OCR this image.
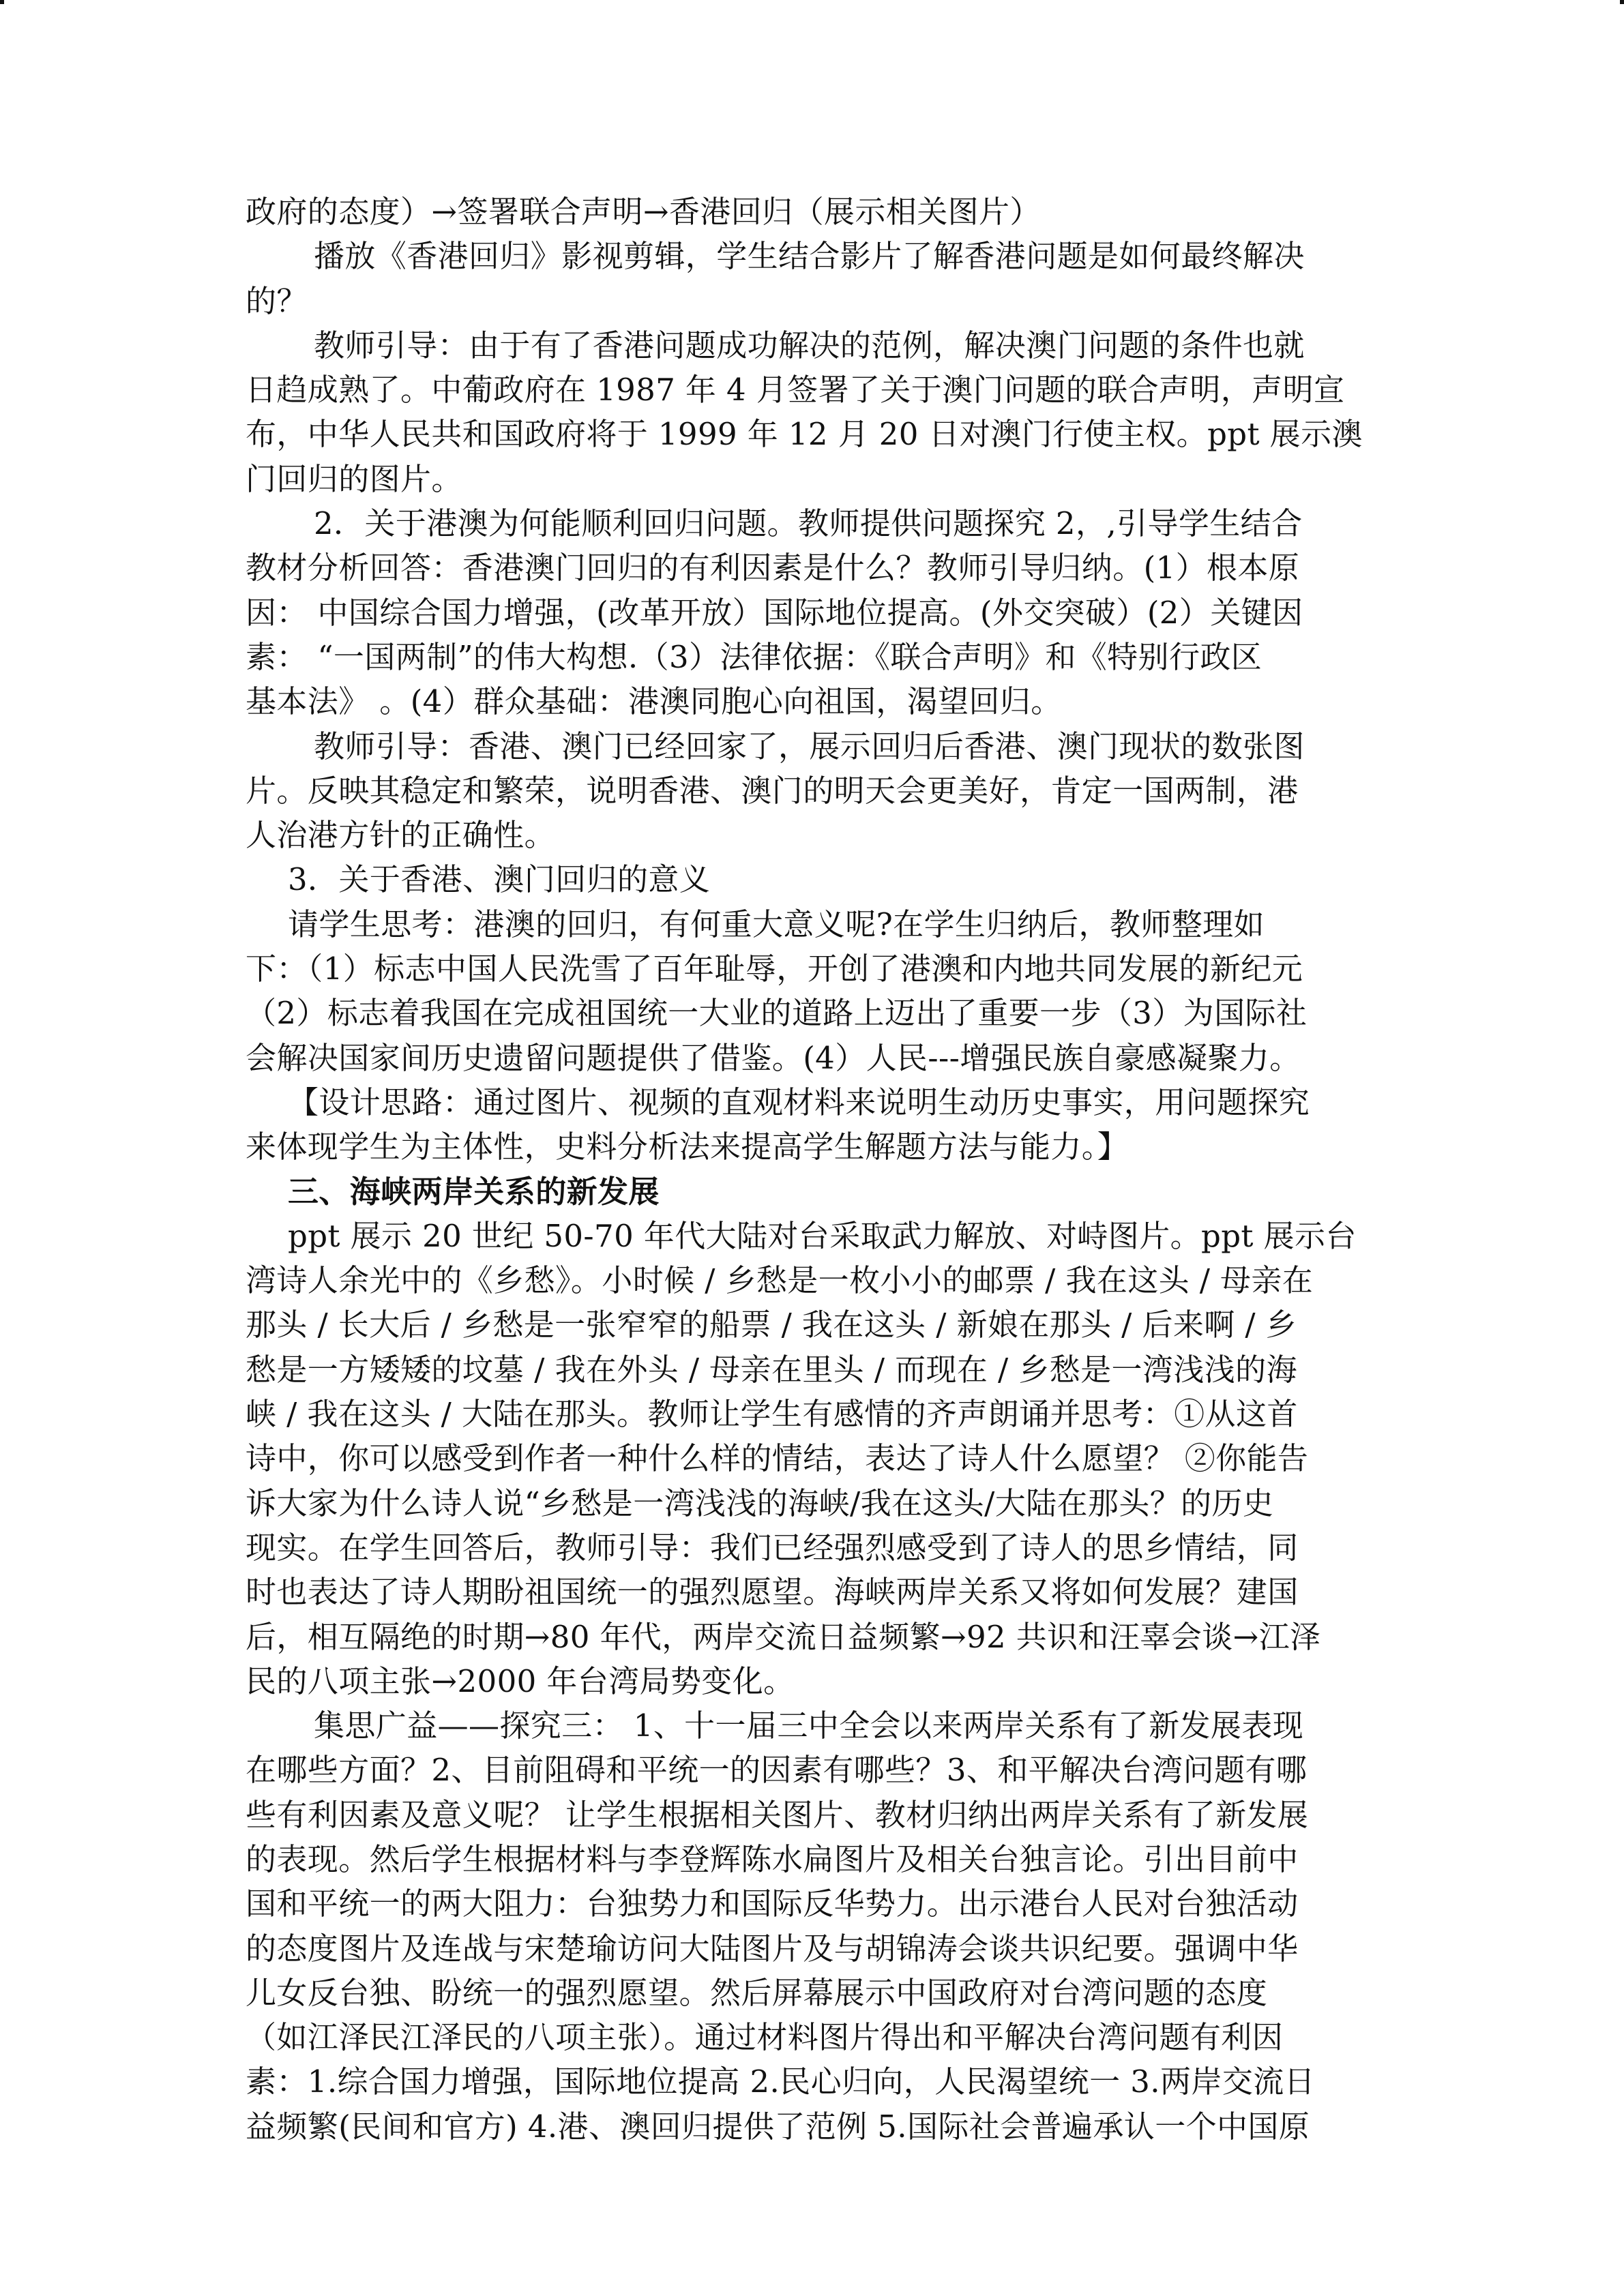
政府的态度）→签署联合声明→香港回归（展示相关图片）
播放《香港回归》影视剪辑，学生结合影片了解香港问题是如何最终解决
的？
教师引导：由于有了香港问题成功解决的范例，解决澳门问题的条件也就
日趋成熟了。中葡政府在 1987 年 4 月签署了关于澳门问题的联合声明，声明宣
布，中华人民共和国政府将于 1999 年 12 月 20 日对澳门行使主权。ppt 展示澳
门回归的图片。
2．关于港澳为何能顺利回归问题。教师提供问题探究 2，,引导学生结合
教材分析回答：香港澳门回归的有利因素是什么？教师引导归纳。(1）根本原
因： 中国综合国力增强，(改革开放）国际地位提高。(外交突破）(2）关键因
素： “一国两制”的伟大构想.（3）法律依据：《联合声明》和《特别行政区
基本法》 。(4）群众基础：港澳同胞心向祖国，渴望回归。
教师引导：香港、澳门已经回家了，展示回归后香港、澳门现状的数张图
片。反映其稳定和繁荣，说明香港、澳门的明天会更美好，肯定一国两制，港
人治港方针的正确性。
3．关于香港、澳门回归的意义
请学生思考：港澳的回归，有何重大意义呢?在学生归纳后，教师整理如
下：（1）标志中国人民洗雪了百年耻辱，开创了港澳和内地共同发展的新纪元
（2）标志着我国在完成祖国统一大业的道路上迈出了重要一步（3）为国际社
会解决国家间历史遗留问题提供了借鉴。(4）人民---增强民族自豪感凝聚力。
【设计思路：通过图片、视频的直观材料来说明生动历史事实，用问题探究
来体现学生为主体性，史料分析法来提高学生解题方法与能力。】
三、海峡两岸关系的新发展
ppt 展示 20 世纪 50-70 年代大陆对台采取武力解放、对峙图片。ppt 展示台
湾诗人余光中的《乡愁》。小时候 / 乡愁是一枚小小的邮票 / 我在这头 / 母亲在
那头 / 长大后 / 乡愁是一张窄窄的船票 / 我在这头 / 新娘在那头 / 后来啊 / 乡
愁是一方矮矮的坟墓 / 我在外头 / 母亲在里头 / 而现在 / 乡愁是一湾浅浅的海
峡 / 我在这头 / 大陆在那头。教师让学生有感情的齐声朗诵并思考：①从这首
诗中，你可以感受到作者一种什么样的情结，表达了诗人什么愿望？ ②你能告
诉大家为什么诗人说“乡愁是一湾浅浅的海峡/我在这头/大陆在那头？的历史
现实。在学生回答后，教师引导：我们已经强烈感受到了诗人的思乡情结，同
时也表达了诗人期盼祖国统一的强烈愿望。海峡两岸关系又将如何发展？建国
后，相互隔绝的时期→80 年代，两岸交流日益频繁→92 共识和汪辜会谈→江泽
民的八项主张→2000 年台湾局势变化。
集思广益——探究三： 1、十一届三中全会以来两岸关系有了新发展表现
在哪些方面？2、目前阻碍和平统一的因素有哪些？3、和平解决台湾问题有哪
些有利因素及意义呢？ 让学生根据相关图片、教材归纳出两岸关系有了新发展
的表现。然后学生根据材料与李登辉陈水扁图片及相关台独言论。引出目前中
国和平统一的两大阻力：台独势力和国际反华势力。出示港台人民对台独活动
的态度图片及连战与宋楚瑜访问大陆图片及与胡锦涛会谈共识纪要。强调中华
儿女反台独、盼统一的强烈愿望。然后屏幕展示中国政府对台湾问题的态度
（如江泽民江泽民的八项主张）。通过材料图片得出和平解决台湾问题有利因
素：1.综合国力增强，国际地位提高 2.民心归向，人民渴望统一 3.两岸交流日
益频繁(民间和官方) 4.港、澳回归提供了范例 5.国际社会普遍承认一个中国原
